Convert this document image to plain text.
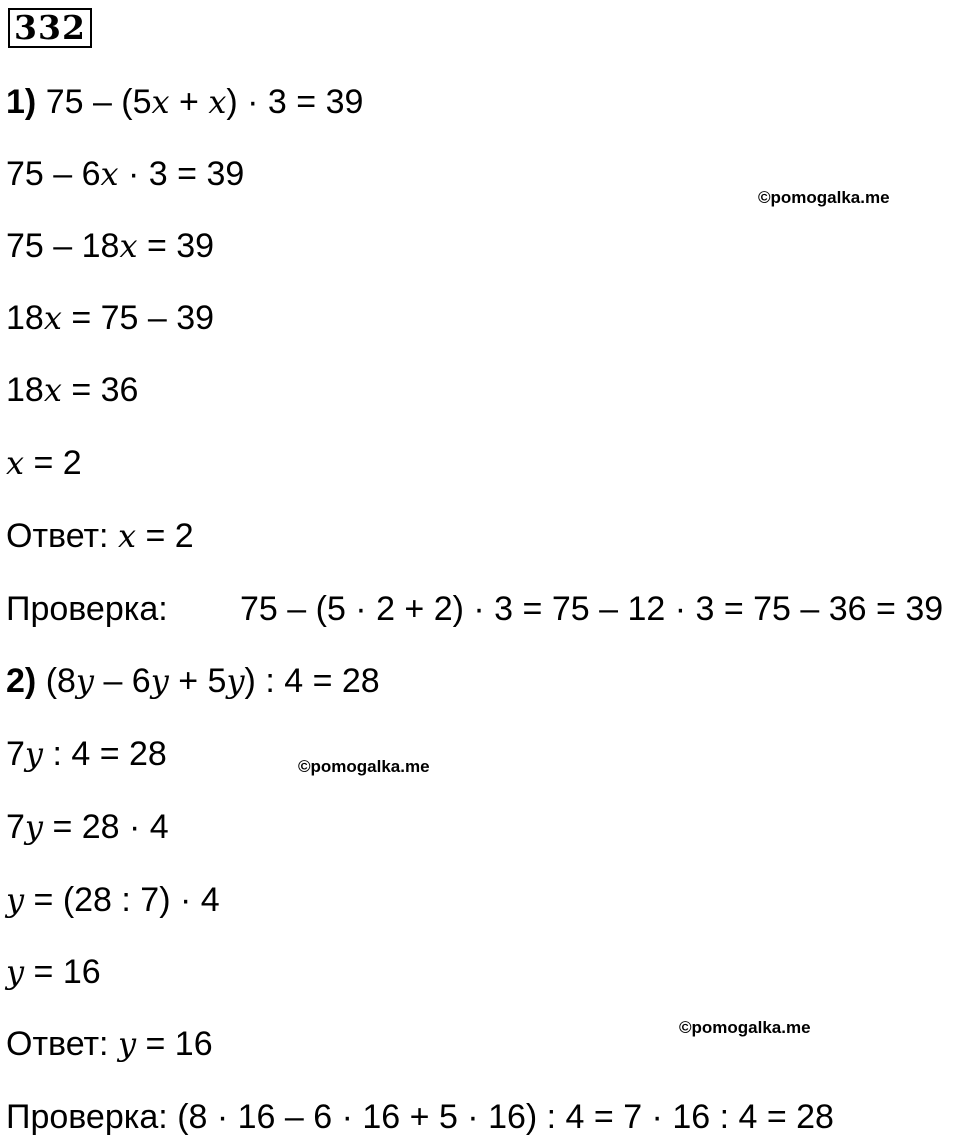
332
1) 75 – (5x + x) · 3 = 39
75 – 6x · 3 = 39
75 – 18x = 39
18x = 75 – 39
18x = 36
x = 2
Ответ: x = 2
Проверка: 75 – (5 · 2 + 2) · 3 = 75 – 12 · 3 = 75 – 36 = 39
2) (8y – 6y + 5y) : 4 = 28
7y : 4 = 28
7y = 28 · 4
y = (28 : 7) · 4
y = 16
Ответ: y = 16
Проверка: (8 · 16 – 6 · 16 + 5 · 16) : 4 = 7 · 16 : 4 = 28
©pomogalka.me
©pomogalka.me
©pomogalka.me
